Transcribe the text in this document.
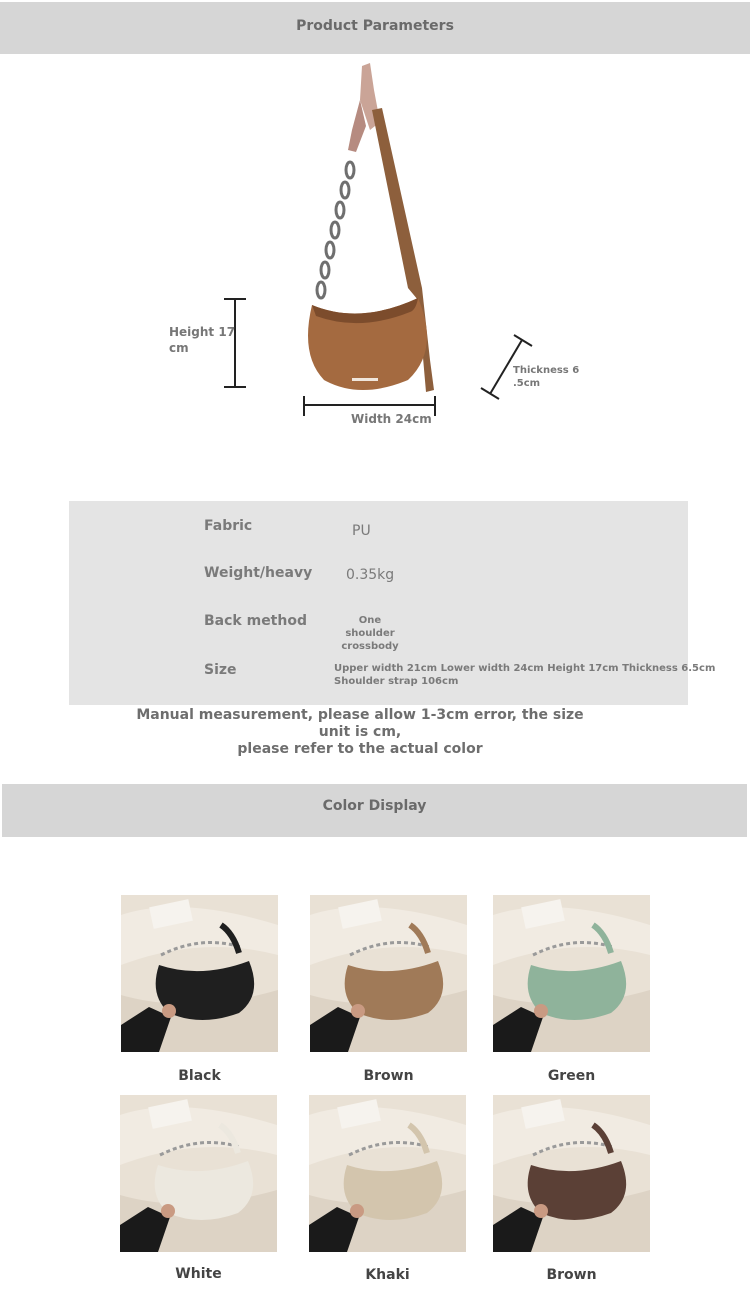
Product Parameters
Height 17
cm
Width 24cm
Thickness 6
.5cm
Fabric	PU
Weight/heavy 0.35kg
Back method	One shoulder
crossbody
Size	Upper width 21cm Lower width 24cm Height 17cm Thickness 6.5cm
Shoulder strap 106cm
Manual measurement, please allow 1-3cm error, the size unit is cm,
please refer to the actual color
Color Display
Black	Brown	Green
White	Khaki	Brown
